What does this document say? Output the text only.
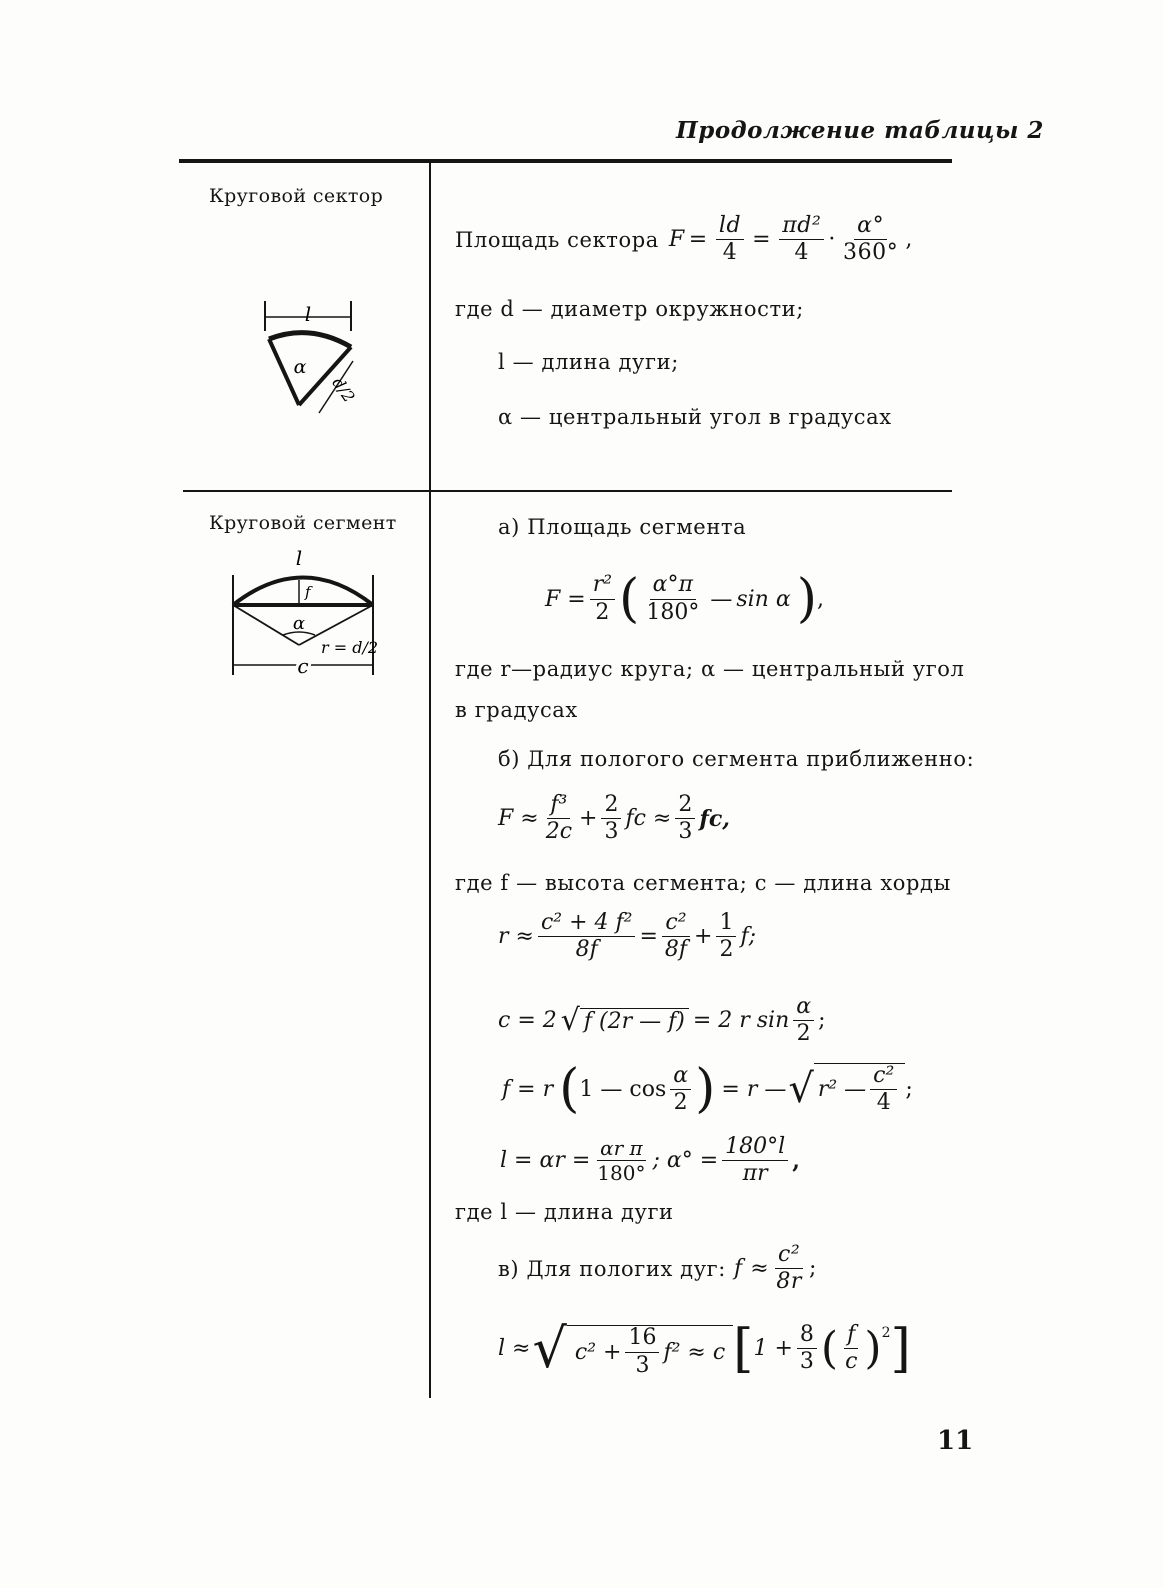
Продолжение таблицы 2
Круговой сектор
l
α
d/2
Площадь сектора $F = \frac{ld}{4} = \frac{\text{πd²}}{4} \cdot \frac{\alpha^\circ}{360^\circ}$ ,
где d — диаметр окружности;
l — длина дуги;
α — центральный угол в градусах
Круговой сегмент
l
f
α
r = d/2
c
а) Площадь сегмента
$F = \frac{\text{r²}}{2}$ ( $\frac{\alpha^\circ\pi}{180^\circ}$ — sin α ) ,
где r—радиус круга; α — центральный угол
в градусах
б) Для пологого сегмента приближенно:
$F \approx \frac{\text{f³}}{2c} + \frac{2}{3}$ fc ≈ $\frac{2}{3}$ fc,
где f — высота сегмента; c — длина хорды
$r \approx \frac{\text{c² + 4 f²}}{8f} = \frac{\text{c²}}{8f} + \frac{1}{2} f$;
c = 2 √ f (2r — f) = 2 r $\sin \frac{\alpha}{2}$ ;
f = r ( 1 — $\cos \frac{\alpha}{2}$ ) = r — √ r² — $\frac{\text{c²}}{4}$ ;
$l = \alpha r = \frac{\text{αr π}}{180^\circ}$ ; $\alpha^\circ = \frac{180^\circ l}{\pi r}$ ,
где l — длина дуги
в) Для пологих дуг: $f \approx \frac{\text{c²}}{8r}$ ;
l ≈ √ $c^2 + \frac{16}{3} f^2 \approx c$ [ $1 + \frac{8}{3}$ ( $\frac{f}{c}$ ) 2 ]
11
